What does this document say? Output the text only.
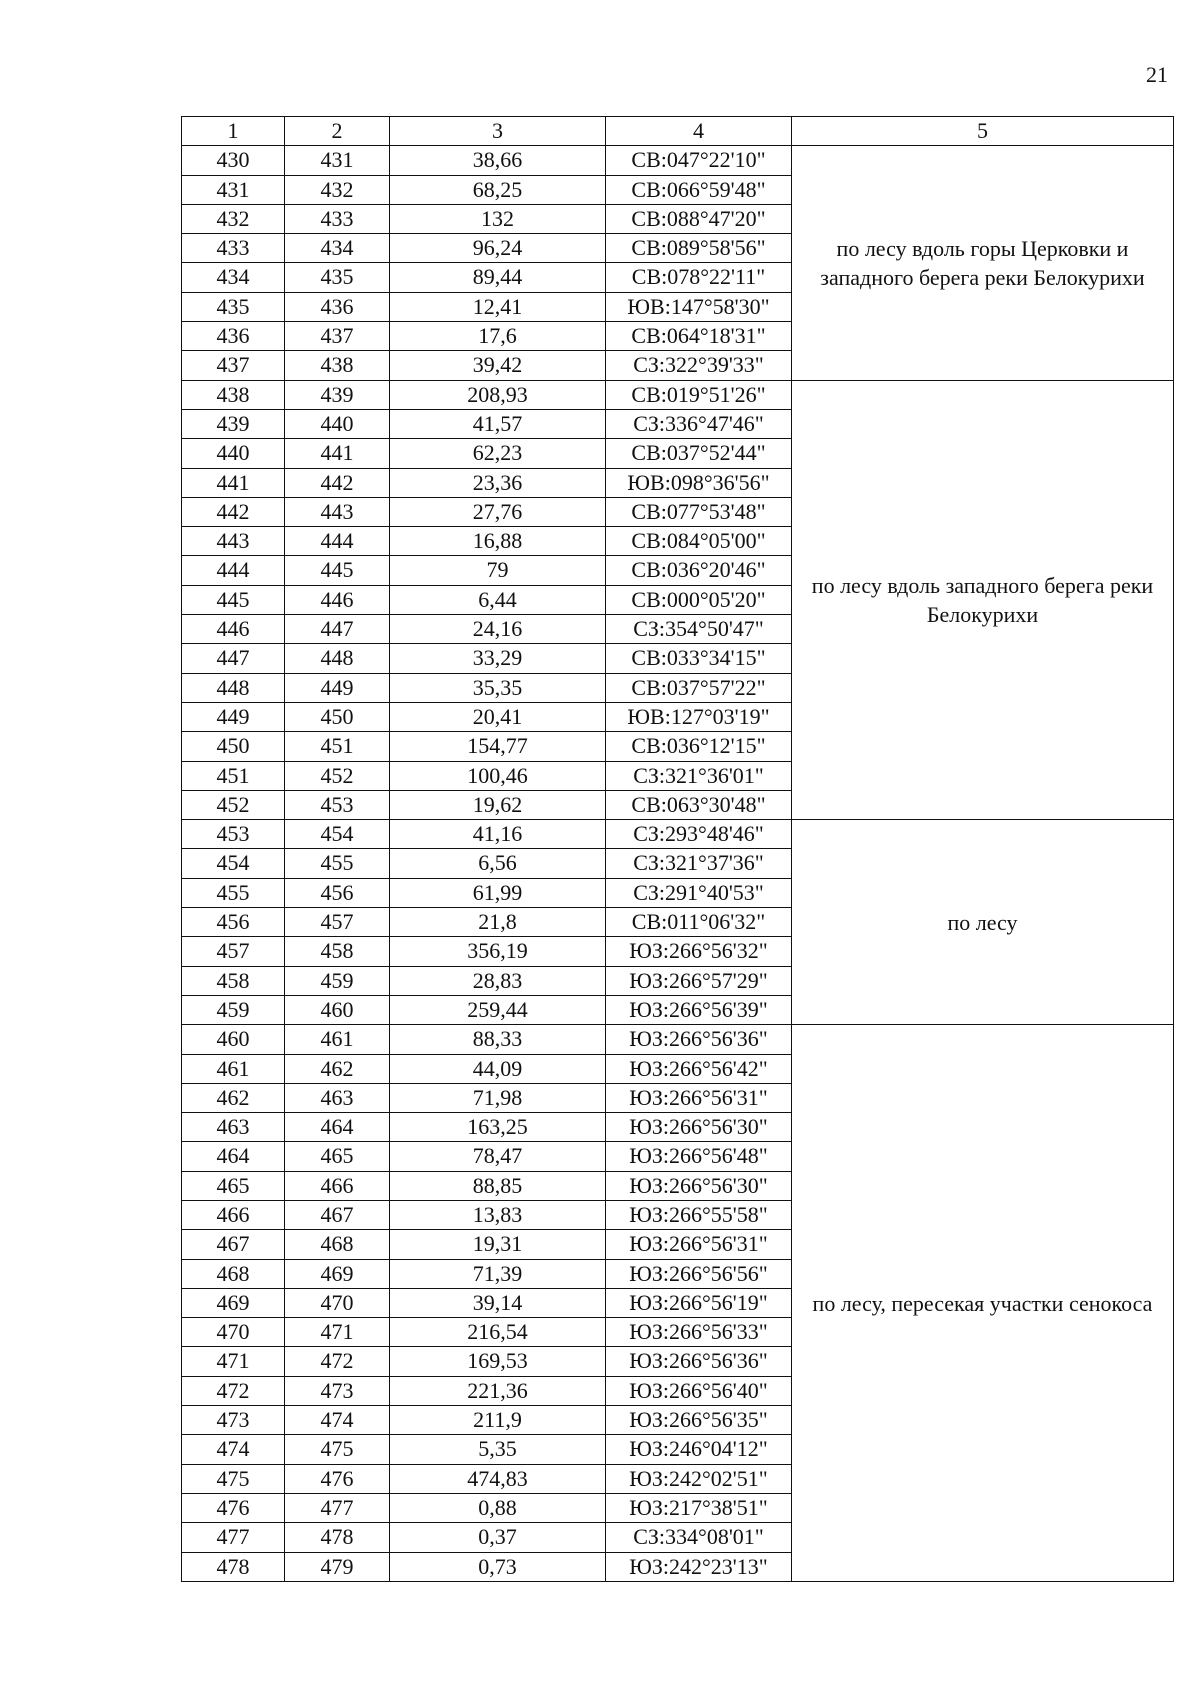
21
1	2	3	4	5
430	431	38,66	СВ:047°22'10"	по лесу вдоль горы Церковки и западного берега реки Белокурихи
431	432	68,25	СВ:066°59'48"	
432	433	132	СВ:088°47'20"	
433	434	96,24	СВ:089°58'56"	
434	435	89,44	СВ:078°22'11"	
435	436	12,41	ЮВ:147°58'30"	
436	437	17,6	СВ:064°18'31"	
437	438	39,42	СЗ:322°39'33"	
438	439	208,93	СВ:019°51'26"	по лесу вдоль западного берега реки Белокурихи
439	440	41,57	СЗ:336°47'46"	
440	441	62,23	СВ:037°52'44"	
441	442	23,36	ЮВ:098°36'56"	
442	443	27,76	СВ:077°53'48"	
443	444	16,88	СВ:084°05'00"	
444	445	79	СВ:036°20'46"	
445	446	6,44	СВ:000°05'20"	
446	447	24,16	СЗ:354°50'47"	
447	448	33,29	СВ:033°34'15"	
448	449	35,35	СВ:037°57'22"	
449	450	20,41	ЮВ:127°03'19"	
450	451	154,77	СВ:036°12'15"	
451	452	100,46	СЗ:321°36'01"	
452	453	19,62	СВ:063°30'48"	
453	454	41,16	СЗ:293°48'46"	по лесу
454	455	6,56	СЗ:321°37'36"	
455	456	61,99	СЗ:291°40'53"	
456	457	21,8	СВ:011°06'32"	
457	458	356,19	ЮЗ:266°56'32"	
458	459	28,83	ЮЗ:266°57'29"	
459	460	259,44	ЮЗ:266°56'39"	
460	461	88,33	ЮЗ:266°56'36"	по лесу, пересекая участки сенокоса
461	462	44,09	ЮЗ:266°56'42"	
462	463	71,98	ЮЗ:266°56'31"	
463	464	163,25	ЮЗ:266°56'30"	
464	465	78,47	ЮЗ:266°56'48"	
465	466	88,85	ЮЗ:266°56'30"	
466	467	13,83	ЮЗ:266°55'58"	
467	468	19,31	ЮЗ:266°56'31"	
468	469	71,39	ЮЗ:266°56'56"	
469	470	39,14	ЮЗ:266°56'19"	
470	471	216,54	ЮЗ:266°56'33"	
471	472	169,53	ЮЗ:266°56'36"	
472	473	221,36	ЮЗ:266°56'40"	
473	474	211,9	ЮЗ:266°56'35"	
474	475	5,35	ЮЗ:246°04'12"	
475	476	474,83	ЮЗ:242°02'51"	
476	477	0,88	ЮЗ:217°38'51"	
477	478	0,37	СЗ:334°08'01"	
478	479	0,73	ЮЗ:242°23'13"	
